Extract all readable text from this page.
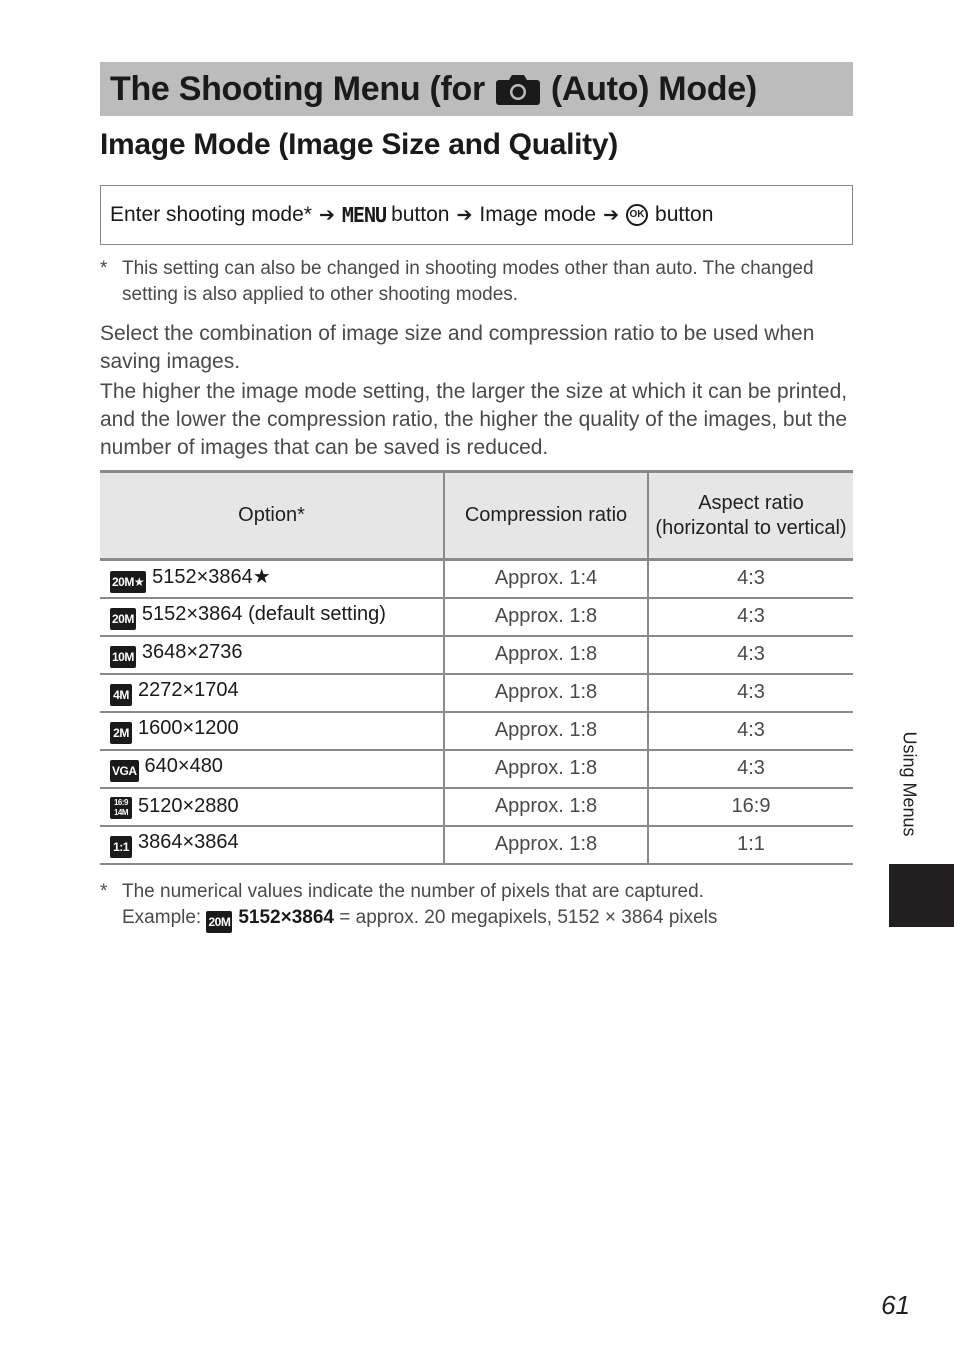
The Shooting Menu (for (Auto) Mode)
Image Mode (Image Size and Quality)
Enter shooting mode* ➔ MENU button ➔ Image mode ➔	OK button
* This setting can also be changed in shooting modes other than auto. The changed setting is also applied to other shooting modes.

Select the combination of image size and compression ratio to be used when saving images.

The higher the image mode setting, the larger the size at which it can be printed, and the lower the compression ratio, the higher the quality of the images, but the number of images that can be saved is reduced.

Option*	Compression ratio	Aspect ratio (horizontal to vertical)
20M★ 5152×3864★	Approx. 1:4	4:3
20M 5152×3864 (default setting)	Approx. 1:8	4:3
10M 3648×2736	Approx. 1:8	4:3
4M 2272×1704	Approx. 1:8	4:3
2M 1600×1200	Approx. 1:8	4:3
VGA 640×480	Approx. 1:8	4:3
16:9 14M 5120×2880	Approx. 1:8	16:9
1:1 3864×3864	Approx. 1:8	1:1
* The numerical values indicate the number of pixels that are captured.
Example: 20M 5152×3864 = approx. 20 megapixels, 5152 × 3864 pixels
Using Menus
61
